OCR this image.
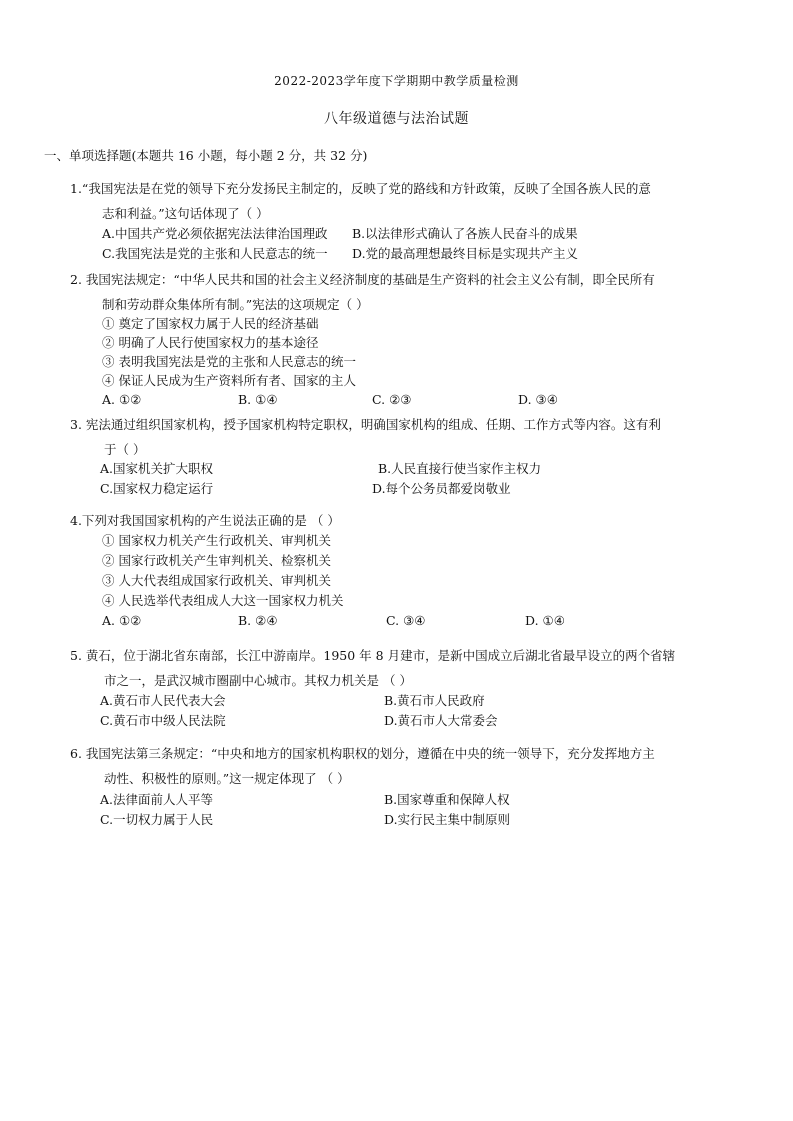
2022-2023学年度下学期期中教学质量检测
八年级道德与法治试题
一、单项选择题(本题共 16 小题，每小题 2 分，共 32 分)
1.“我国宪法是在党的领导下充分发扬民主制定的，反映了党的路线和方针政策，反映了全国各族人民的意
志和利益。”这句话体现了（ ）
A.中国共产党必须依据宪法法律治国理政 B.以法律形式确认了各族人民奋斗的成果
C.我国宪法是党的主张和人民意志的统一 D.党的最高理想最终目标是实现共产主义
2. 我国宪法规定：“中华人民共和国的社会主义经济制度的基础是生产资料的社会主义公有制，即全民所有
制和劳动群众集体所有制。”宪法的这项规定（ ）
① 奠定了国家权力属于人民的经济基础
② 明确了人民行使国家权力的基本途径
③ 表明我国宪法是党的主张和人民意志的统一
④ 保证人民成为生产资料所有者、国家的主人
A. ①②	B. ①④	C. ②③	D. ③④
3. 宪法通过组织国家机构，授予国家机构特定职权，明确国家机构的组成、任期、工作方式等内容。这有利
于（ ）
A.国家机关扩大职权	B.人民直接行使当家作主权力
C.国家权力稳定运行	D.每个公务员都爱岗敬业
4.下列对我国国家机构的产生说法正确的是 （ ）
① 国家权力机关产生行政机关、审判机关
② 国家行政机关产生审判机关、检察机关
③ 人大代表组成国家行政机关、审判机关
④ 人民选举代表组成人大这一国家权力机关
A. ①②	B. ②④	C. ③④	D. ①④
5. 黄石，位于湖北省东南部，长江中游南岸。1950 年 8 月建市，是新中国成立后湖北省最早设立的两个省辖
市之一，是武汉城市圈副中心城市。其权力机关是 （ ）
A.黄石市人民代表大会	B.黄石市人民政府
C.黄石市中级人民法院	D.黄石市人大常委会
6. 我国宪法第三条规定：“中央和地方的国家机构职权的划分，遵循在中央的统一领导下，充分发挥地方主
动性、积极性的原则。”这一规定体现了 （ ）
A.法律面前人人平等	B.国家尊重和保障人权
C.一切权力属于人民	D.实行民主集中制原则
